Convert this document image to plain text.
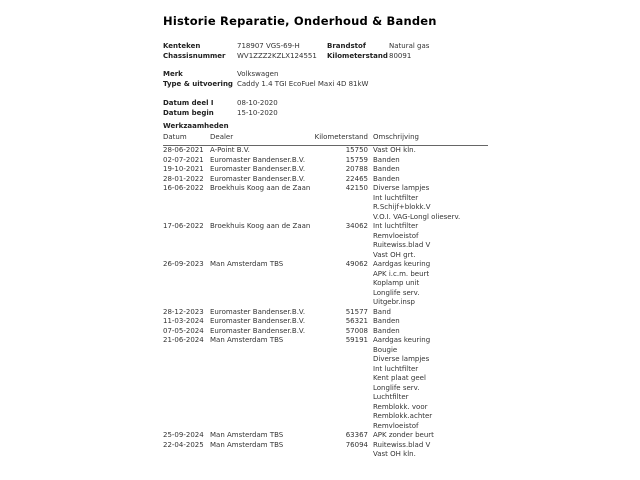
Historie Reparatie, Onderhoud & Banden
Kenteken	718907 VGS-69-H	Brandstof	Natural gas
Chassisnummer	WV1ZZZ2KZLX124551	Kilometerstand 80091
Merk	Volkswagen
Type & uitvoering Caddy 1.4 TGI EcoFuel Maxi 4D 81kW
Datum deel I	08-10-2020
Datum begin	15-10-2020
Werkzaamheden
Datum	Dealer	Kilometerstand Omschrijving
28-06-2021 A-Point B.V.	15750 Vast OH kln.
02-07-2021 Euromaster Bandenser.B.V.	15759 Banden
19-10-2021 Euromaster Bandenser.B.V.	20788 Banden
28-01-2022 Euromaster Bandenser.B.V.	22465 Banden
16-06-2022 Broekhuis Koog aan de Zaan	42150 Diverse lampjes
Int luchtfilter
R.Schijf+blokk.V
V.O.I. VAG-Longl olieserv.
17-06-2022 Broekhuis Koog aan de Zaan	34062 Int luchtfilter
Remvloeistof
Ruitewiss.blad V
Vast OH grt.
26-09-2023 Man Amsterdam TBS	49062 Aardgas keuring
APK i.c.m. beurt
Koplamp unit
Longlife serv.
Uitgebr.insp
28-12-2023 Euromaster Bandenser.B.V.	51577 Band
11-03-2024 Euromaster Bandenser.B.V.	56321 Banden
07-05-2024 Euromaster Bandenser.B.V.	57008 Banden
21-06-2024 Man Amsterdam TBS	59191 Aardgas keuring
Bougie
Diverse lampjes
Int luchtfilter
Kent plaat geel
Longlife serv.
Luchtfilter
Remblokk. voor
Remblokk.achter
Remvloeistof
25-09-2024 Man Amsterdam TBS	63367 APK zonder beurt
22-04-2025 Man Amsterdam TBS	76094 Ruitewiss.blad V
Vast OH kln.
